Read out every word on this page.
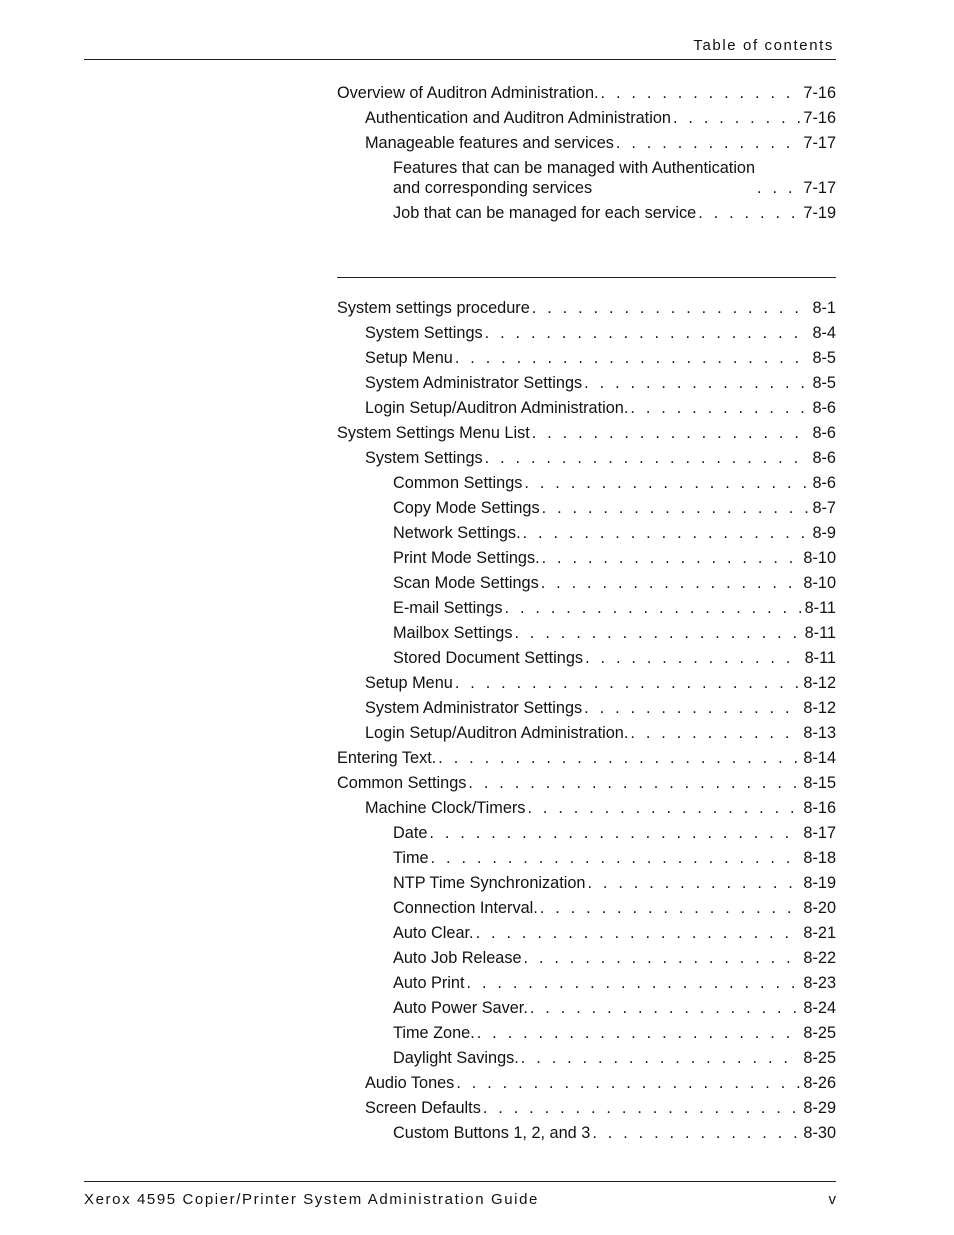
Table of contents
Overview of Auditron Administration. . . .	7-16
Authentication and Auditron Administration . . .	7-16
Manageable features and services . . .	7-17
Features that can be managed with Authentication
and corresponding services . . .	7-17
Job that can be managed for each service . . .	7-19
System settings procedure . . .	8-1
System Settings . . .	8-4
Setup Menu . . .	8-5
System Administrator Settings . . .	8-5
Login Setup/Auditron Administration. . . .	8-6
System Settings Menu List . . .	8-6
System Settings . . .	8-6
Common Settings . . .	8-6
Copy Mode Settings . . .	8-7
Network Settings. . . .	8-9
Print Mode Settings. . . .	8-10
Scan Mode Settings . . .	8-10
E-mail Settings . . .	8-11
Mailbox Settings . . .	8-11
Stored Document Settings . . .	8-11
Setup Menu . . .	8-12
System Administrator Settings . . .	8-12
Login Setup/Auditron Administration. . . .	8-13
Entering Text. . . .	8-14
Common Settings . . .	8-15
Machine Clock/Timers . . .	8-16
Date . . .	8-17
Time . . .	8-18
NTP Time Synchronization . . .	8-19
Connection Interval. . . .	8-20
Auto Clear. . . .	8-21
Auto Job Release . . .	8-22
Auto Print . . .	8-23
Auto Power Saver. . . .	8-24
Time Zone. . . .	8-25
Daylight Savings. . . .	8-25
Audio Tones . . .	8-26
Screen Defaults . . .	8-29
Custom Buttons 1, 2, and 3 . . .	8-30
Xerox 4595 Copier/Printer System Administration Guide	v
